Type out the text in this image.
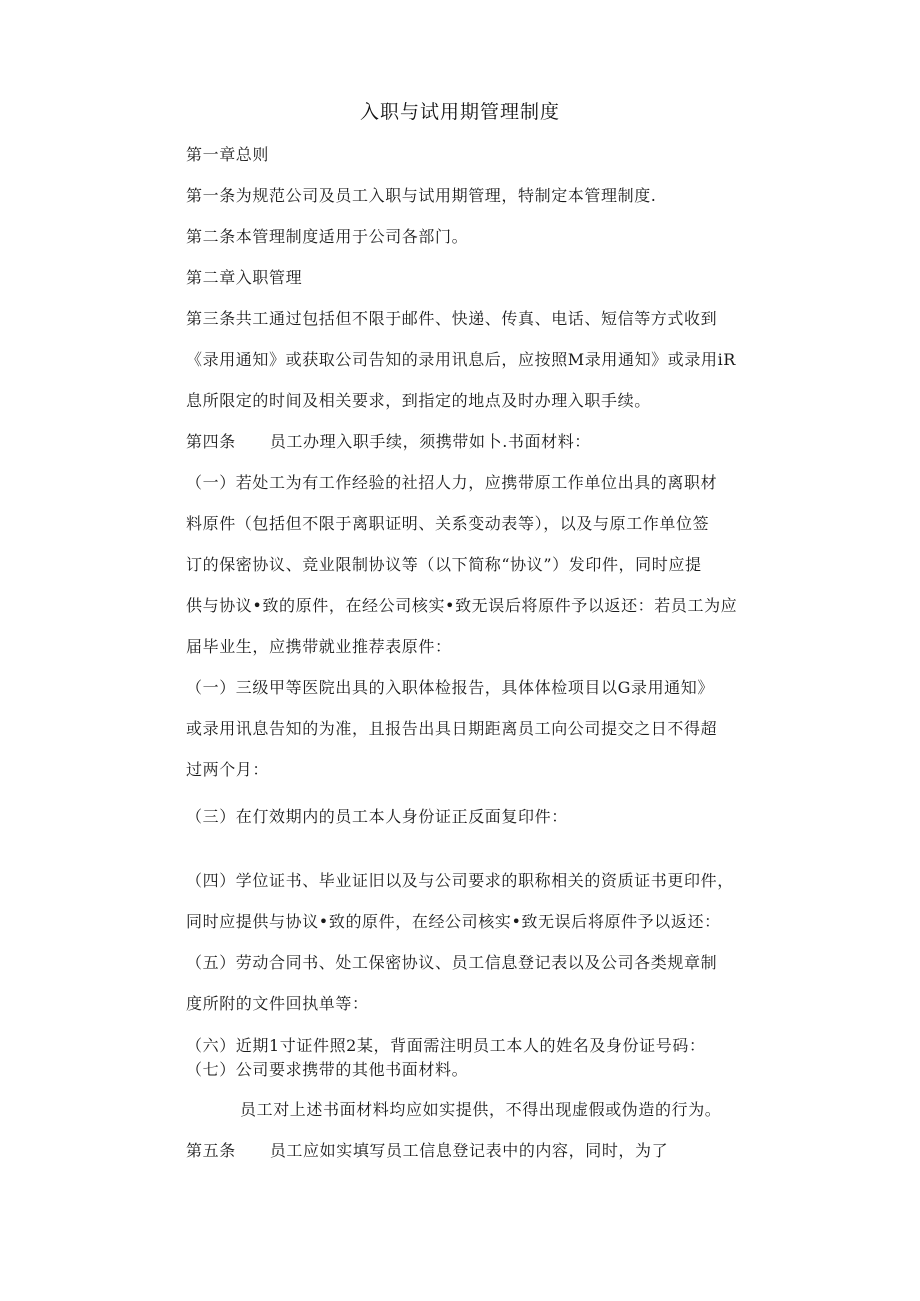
入职与试用期管理制度
第一章总则
第一条为规范公司及员工入职与试用期管理，特制定本管理制度.
第二条本管理制度适用于公司各部门。
第二章入职管理
第三条共工通过包括但不限于邮件、快递、传真、电话、短信等方式收到
《录用通知》或获取公司告知的录用讯息后，应按照M录用通知》或录用iR
息所限定的时间及相关要求，到指定的地点及时办理入职手续。
第四条 员工办理入职手续，须携带如卜.书面材料：
（一）若处工为有工作经验的社招人力，应携带原工作单位出具的离职材
料原件（包括但不限于离职证明、关系变动表等），以及与原工作单位签
订的保密协议、竞业限制协议等（以下简称“协议”）发印件，同时应提
供与协议•致的原件，在经公司核实•致无误后将原件予以返还：若员工为应
届毕业生，应携带就业推荐表原件：
（一）三级甲等医院出具的入职体检报告，具体体检项目以G录用通知》
或录用讯息告知的为准，且报告出具日期距离员工向公司提交之日不得超
过两个月：
（三）在仃效期内的员工本人身份证正反面复印件：
（四）学位证书、毕业证旧以及与公司要求的职称相关的资质证书更印件，
同时应提供与协议•致的原件，在经公司核实•致无误后将原件予以返还：
（五）劳动合同书、处工保密协议、员工信息登记表以及公司各类规章制
度所附的文件回执单等：
（六）近期1寸证件照2某，背面需注明员工本人的姓名及身份证号码：
（七）公司要求携带的其他书面材料。
员工对上述书面材料均应如实提供，不得出现虚假或伪造的行为。
第五条 员工应如实填写员工信息登记表中的内容，同时，为了
